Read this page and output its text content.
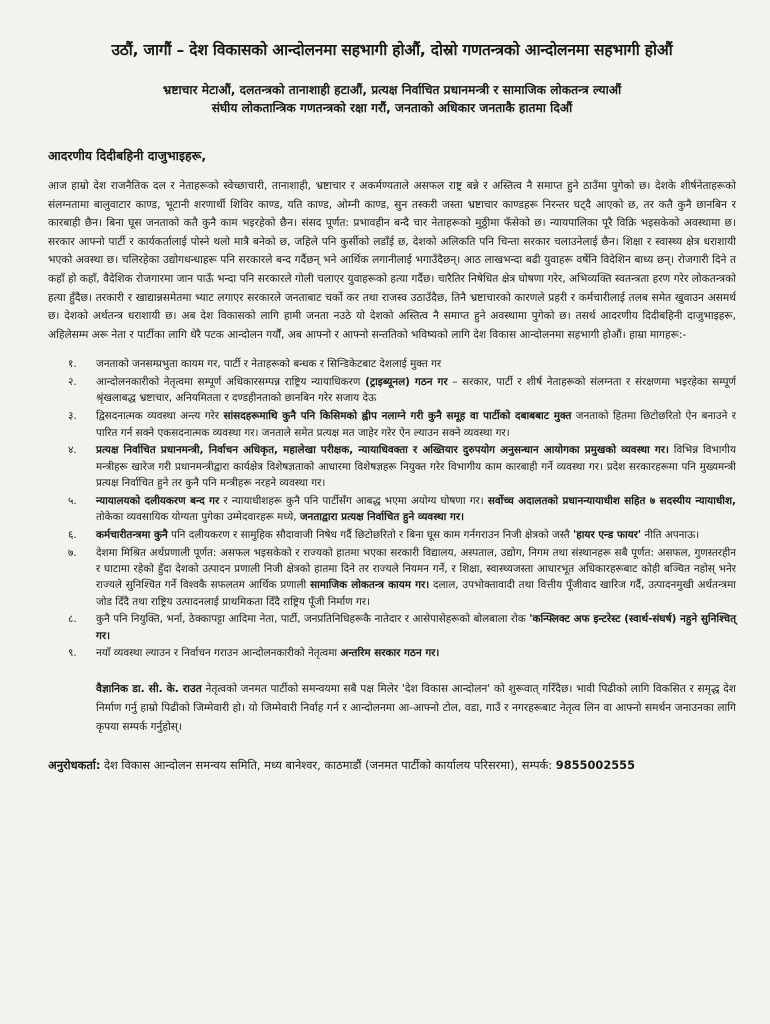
उठौं, जागौं – देश विकासको आन्दोलनमा सहभागी होऔं, दोस्रो गणतन्त्रको आन्दोलनमा सहभागी होऔं

भ्रष्टाचार मेटाऔं, दलतन्त्रको तानाशाही हटाऔं, प्रत्यक्ष निर्वाचित प्रधानमन्त्री र सामाजिक लोकतन्त्र ल्याऔं

संघीय लोकतान्त्रिक गणतन्त्रको रक्षा गरौं, जनताको अधिकार जनताकै हातमा दिऔं

आदरणीय दिदीबहिनी दाजुभाइहरू,

आज हाम्रो देश राजनैतिक दल र नेताहरूको स्वेच्छाचारी, तानाशाही, भ्रष्टाचार र अकर्मण्यताले असफल राष्ट्र बन्ने र अस्तित्व नै समाप्त हुने ठाउँमा पुगेको छ। देशके शीर्षनेताहरूको संलग्नतामा बालुवाटार काण्ड, भूटानी शरणार्थी शिविर काण्ड, यति काण्ड, ओम्नी काण्ड, सुन तस्करी जस्ता भ्रष्टाचार काण्डहरू निरन्तर घट्दै आएको छ, तर कतै कुनै छानबिन र कारबाही छैन। बिना घूस जनताको कतै कुनै काम भइरहेको छैन। संसद पूर्णत: प्रभावहीन बन्दै चार नेताहरूको मुठ्ठीमा फँसेको छ। न्यायपालिका पूरै विक्रि भइसकेको अवस्थामा छ। सरकार आफ्नो पार्टी र कार्यकर्तालाई पोस्ने थलो मात्रै बनेको छ, जहिले पनि कुर्सीको लडाँई छ, देशको अलिकति पनि चिन्ता सरकार चलाउनेलाई छैन। शिक्षा र स्वास्थ्य क्षेत्र धराशायी भएको अवस्था छ। चलिरहेका उद्योगधन्धाहरू पनि सरकारले बन्द गर्दैछन् भने आर्थिक लगानीलाई भगाउँदैछन्। आठ लाखभन्दा बढी युवाहरू वर्षेनि विदेशिन बाध्य छन्। रोजगारी दिने त कहाँ हो कहाँ, वैदेशिक रोजगारमा जान पाऊँ भन्दा पनि सरकारले गोली चलाएर युवाहरूको हत्या गर्दैछ। चारैतिर निषेधित क्षेत्र घोषणा गरेर, अभिव्यक्ति स्वतन्त्रता हरण गरेर लोकतन्त्रको हत्या हुँदैछ। तरकारी र खाद्यान्नसमेतमा भ्याट लगाएर सरकारले जनताबाट चर्को कर तथा राजस्व उठाउँदैछ, तिनै भ्रष्टाचारको कारणले प्रहरी र कर्मचारीलाई तलब समेत खुवाउन असमर्थ छ। देशको अर्थतन्त्र धराशायी छ। अब देश विकासको लागि हामी जनता नउठे यो देशको अस्तित्व नै समाप्त हुने अवस्थामा पुगेको छ। तसर्थ आदरणीय दिदीबहिनी दाजुभाइहरू, अहिलेसम्म अरू नेता र पार्टीका लागि धेरै पटक आन्दोलन गर्यौं, अब आफ्नो र आफ्नो सन्ततिको भविष्यको लागि देश विकास आन्दोलनमा सहभागी होऔं। हाम्रा मागहरू:-

१.	जनताको जनसम्प्रभुता कायम गर, पार्टी र नेताहरूको बन्धक र सिन्डिकेटबाट देशलाई मुक्त गर
२.	आन्दोलनकारीको नेतृत्वमा सम्पूर्ण अधिकारसम्पन्न राष्ट्रिय न्यायाधिकरण (ट्राइब्यूनल) गठन गर – सरकार, पार्टी र शीर्ष नेताहरूको संलग्नता र संरक्षणमा भइरहेका सम्पूर्ण श्रृंखलाबद्ध भ्रष्टाचार, अनियमितता र दण्डहीनताको छानबिन गरेर सजाय देऊ
३.	द्विसदनात्मक व्यवस्था अन्त्य गरेर सांसदहरूमाथि कुनै पनि किसिमको ह्वीप नलाग्ने गरी कुनै समूह वा पार्टीको दबाबबाट मुक्त जनताको हितमा छिटोछरितो ऐन बनाउने र पारित गर्न सक्ने एकसदनात्मक व्यवस्था गर। जनताले समेत प्रत्यक्ष मत जाहेर गरेर ऐन ल्याउन सक्ने व्यवस्था गर।
४.	प्रत्यक्ष निर्वाचित प्रधानमन्त्री, निर्वाचन अधिकृत, महालेखा परीक्षक, न्यायाधिवक्ता र अख्तियार दुरुपयोग अनुसन्धान आयोगका प्रमुखको व्यवस्था गर। विभिन्न विभागीय मन्त्रीहरू खारेज गरी प्रधानमन्त्रीद्वारा कार्यक्षेत्र विशेषज्ञताको आधारमा विशेषज्ञहरू नियुक्त गरेर विभागीय काम कारबाही गर्ने व्यवस्था गर। प्रदेश सरकारहरूमा पनि मुख्यमन्त्री प्रत्यक्ष निर्वाचित हुने तर कुनै पनि मन्त्रीहरू नरहने व्यवस्था गर।
५.	न्यायालयको दलीयकरण बन्द गर र न्यायाधीशहरू कुनै पनि पार्टीसँग आबद्ध भएमा अयोग्य घोषणा गर। सर्वोच्च अदालतको प्रधानन्यायाधीश सहित ७ सदस्यीय न्यायाधीश, तोकेका व्यवसायिक योग्यता पुगेका उम्मेदवारहरू मध्ये, जनताद्वारा प्रत्यक्ष निर्वाचित हुने व्यवस्था गर।
६.	कर्मचारीतन्त्रमा कुनै पनि दलीयकरण र सामुहिक सौदावाजी निषेध गर्दै छिटोछरितो र बिना घूस काम गर्नगराउन निजी क्षेत्रको जस्तै 'हायर एन्ड फायर' नीति अपनाऊ।
७.	देशमा मिश्रित अर्थप्रणाली पूर्णत: असफल भइसकेको र राज्यको हातमा भएका सरकारी विद्यालय, अस्पताल, उद्योग, निगम तथा संस्थानहरू सबै पूर्णत: असफल, गुणस्तरहीन र घाटामा रहेको हुँदा देशको उत्पादन प्रणाली निजी क्षेत्रको हातमा दिने तर राज्यले नियमन गर्ने, र शिक्षा, स्वास्थ्यजस्ता आधारभूत अधिकारहरूबाट कोही बञ्चित नहोस् भनेर राज्यले सुनिश्चित गर्ने विश्वकै सफलतम आर्थिक प्रणाली सामाजिक लोकतन्त्र कायम गर। दलाल, उपभोक्तावादी तथा वित्तीय पूँजीवाद खारिज गर्दै, उत्पादनमुखी अर्थतन्त्रमा जोड दिँदै तथा राष्ट्रिय उत्पादनलाई प्राथमिकता दिँदै राष्ट्रिय पूँजी निर्माण गर।
८.	कुनै पनि नियुक्ति, भर्ना, ठेक्कापट्टा आदिमा नेता, पार्टी, जनप्रतिनिधिहरूकै नातेदार र आसेपासेहरूको बोलबाला रोक 'कन्फ्लिक्ट अफ इन्टरेस्ट (स्वार्थ-संघर्ष) नहुने सुनिश्चित् गर।
९.	नयाँ व्यवस्था ल्याउन र निर्वाचन गराउन आन्दोलनकारीको नेतृत्वमा अन्तरिम सरकार गठन गर।

वैज्ञानिक डा. सी. के. राउत नेतृत्वको जनमत पार्टीको समन्वयमा सबै पक्ष मिलेर 'देश विकास आन्दोलन' को शुरूवात् गरिँदैछ। भावी पिढीको लागि विकसित र समृद्ध देश निर्माण गर्नु हाम्रो पिढीको जिम्मेवारी हो। यो जिम्मेवारी निर्वाह गर्न र आन्दोलनमा आ-आफ्नो टोल, वडा, गाउँ र नगरहरूबाट नेतृत्व लिन वा आफ्नो समर्थन जनाउनका लागि कृपया सम्पर्क गर्नुहोस्।

अनुरोधकर्ता: देश विकास आन्दोलन समन्वय समिति, मध्य बानेश्वर, काठमाडौं (जनमत पार्टीको कार्यालय परिसरमा), सम्पर्क: 9855002555
